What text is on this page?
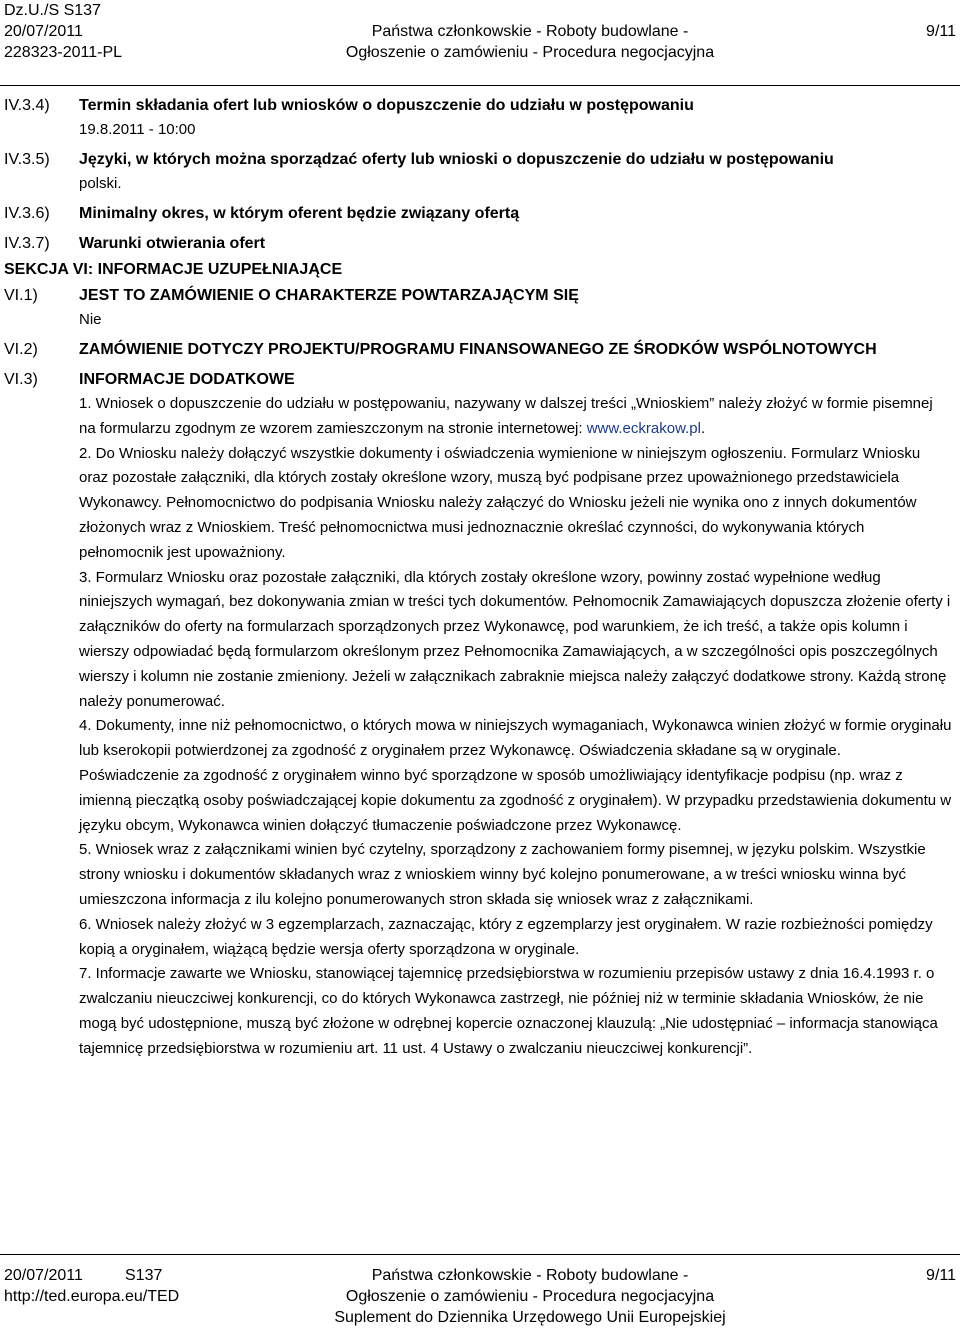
Dz.U./S S137
20/07/2011
228323-2011-PL
Państwa członkowskie - Roboty budowlane -
Ogłoszenie o zamówieniu - Procedura negocjacyjna
9/11
IV.3.4) Termin składania ofert lub wniosków o dopuszczenie do udziału w postępowaniu
19.8.2011 - 10:00
IV.3.5) Języki, w których można sporządzać oferty lub wnioski o dopuszczenie do udziału w postępowaniu
polski.
IV.3.6) Minimalny okres, w którym oferent będzie związany ofertą
IV.3.7) Warunki otwierania ofert
SEKCJA VI: INFORMACJE UZUPEŁNIAJĄCE
VI.1)	JEST TO ZAMÓWIENIE O CHARAKTERZE POWTARZAJĄCYM SIĘ
Nie
VI.2)	ZAMÓWIENIE DOTYCZY PROJEKTU/PROGRAMU FINANSOWANEGO ZE ŚRODKÓW WSPÓLNOTOWYCH
VI.3)	INFORMACJE DODATKOWE

1. Wniosek o dopuszczenie do udziału w postępowaniu, nazywany w dalszej treści „Wnioskiem” należy złożyć w formie pisemnej na formularzu zgodnym ze wzorem zamieszczonym na stronie internetowej: www.eckrakow.pl.

2. Do Wniosku należy dołączyć wszystkie dokumenty i oświadczenia wymienione w niniejszym ogłoszeniu. Formularz Wniosku oraz pozostałe załączniki, dla których zostały określone wzory, muszą być podpisane przez upoważnionego przedstawiciela Wykonawcy. Pełnomocnictwo do podpisania Wniosku należy załączyć do Wniosku jeżeli nie wynika ono z innych dokumentów złożonych wraz z Wnioskiem. Treść pełnomocnictwa musi jednoznacznie określać czynności, do wykonywania których pełnomocnik jest upoważniony.

3. Formularz Wniosku oraz pozostałe załączniki, dla których zostały określone wzory, powinny zostać wypełnione według niniejszych wymagań, bez dokonywania zmian w treści tych dokumentów. Pełnomocnik Zamawiających dopuszcza złożenie oferty i załączników do oferty na formularzach sporządzonych przez Wykonawcę, pod warunkiem, że ich treść, a także opis kolumn i wierszy odpowiadać będą formularzom określonym przez Pełnomocnika Zamawiających, a w szczególności opis poszczególnych wierszy i kolumn nie zostanie zmieniony. Jeżeli w załącznikach zabraknie miejsca należy załączyć dodatkowe strony. Każdą stronę należy ponumerować.

4. Dokumenty, inne niż pełnomocnictwo, o których mowa w niniejszych wymaganiach, Wykonawca winien złożyć w formie oryginału lub kserokopii potwierdzonej za zgodność z oryginałem przez Wykonawcę. Oświadczenia składane są w oryginale.

Poświadczenie za zgodność z oryginałem winno być sporządzone w sposób umożliwiający identyfikacje podpisu (np. wraz z imienną pieczątką osoby poświadczającej kopie dokumentu za zgodność z oryginałem). W przypadku przedstawienia dokumentu w języku obcym, Wykonawca winien dołączyć tłumaczenie poświadczone przez Wykonawcę.

5. Wniosek wraz z załącznikami winien być czytelny, sporządzony z zachowaniem formy pisemnej, w języku polskim. Wszystkie strony wniosku i dokumentów składanych wraz z wnioskiem winny być kolejno ponumerowane, a w treści wniosku winna być umieszczona informacja z ilu kolejno ponumerowanych stron składa się wniosek wraz z załącznikami.

6. Wniosek należy złożyć w 3 egzemplarzach, zaznaczając, który z egzemplarzy jest oryginałem. W razie rozbieżności pomiędzy kopią a oryginałem, wiążącą będzie wersja oferty sporządzona w oryginale.

7. Informacje zawarte we Wniosku, stanowiącej tajemnicę przedsiębiorstwa w rozumieniu przepisów ustawy z dnia 16.4.1993 r. o zwalczaniu nieuczciwej konkurencji, co do których Wykonawca zastrzegł, nie później niż w terminie składania Wniosków, że nie mogą być udostępnione, muszą być złożone w odrębnej kopercie oznaczonej klauzulą: „Nie udostępniać – informacja stanowiąca tajemnicę przedsiębiorstwa w rozumieniu art. 11 ust. 4 Ustawy o zwalczaniu nieuczciwej konkurencji”.

20/07/2011
http://ted.europa.eu/TED
S137	Państwa członkowskie - Roboty budowlane -
Ogłoszenie o zamówieniu - Procedura negocjacyjna
Suplement do Dziennika Urzędowego Unii Europejskiej
9/11
